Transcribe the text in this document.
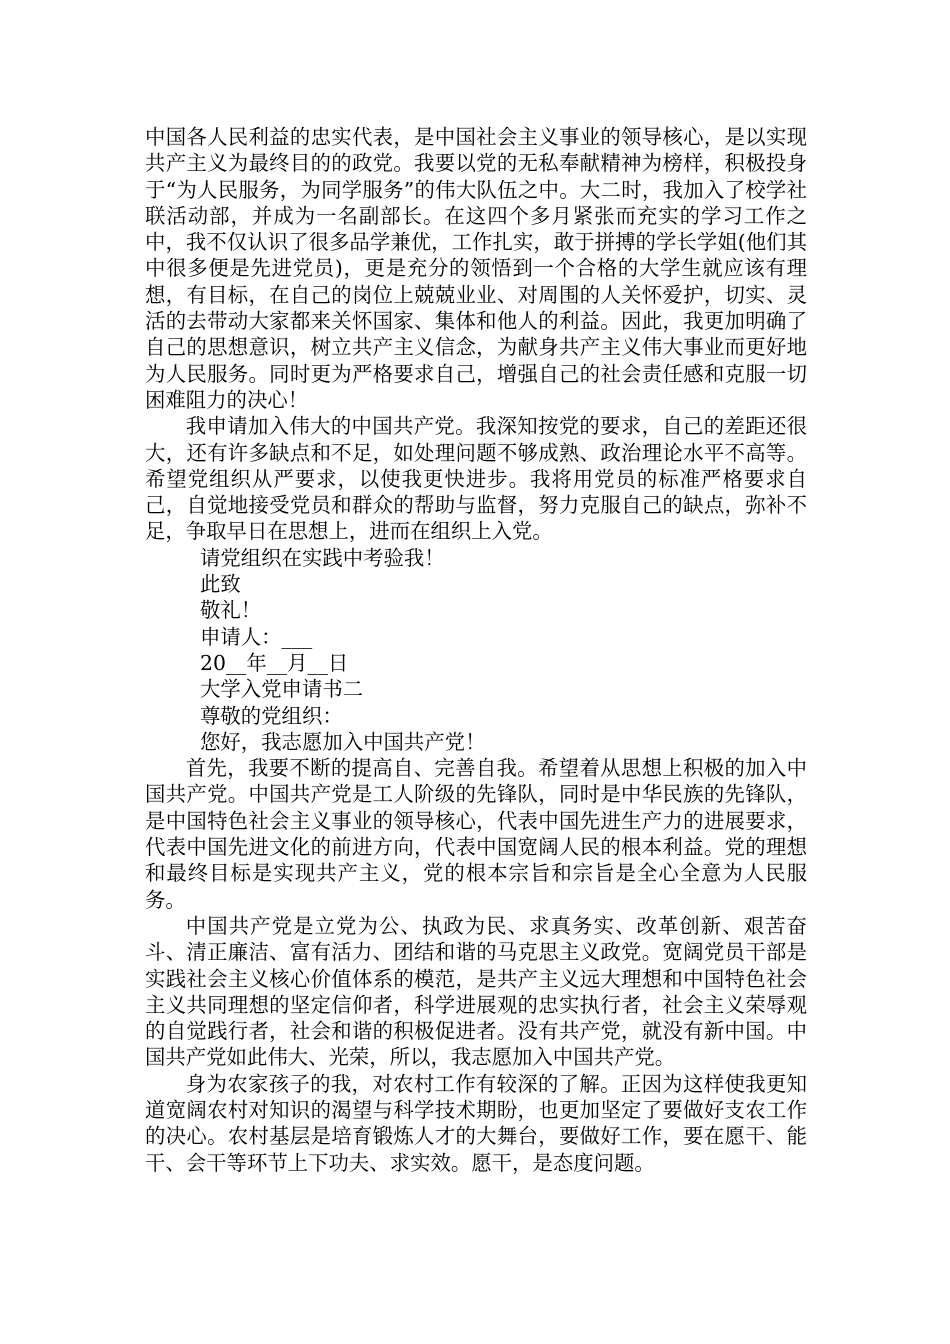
中国各人民利益的忠实代表，是中国社会主义事业的领导核心，是以实现共产主义为最终目的的政党。我要以党的无私奉献精神为榜样，积极投身于“为人民服务，为同学服务”的伟大队伍之中。大二时，我加入了校学社联活动部，并成为一名副部长。在这四个多月紧张而充实的学习工作之中，我不仅认识了很多品学兼优，工作扎实，敢于拼搏的学长学姐(他们其中很多便是先进党员)，更是充分的领悟到一个合格的大学生就应该有理想，有目标，在自己的岗位上兢兢业业、对周围的人关怀爱护，切实、灵活的去带动大家都来关怀国家、集体和他人的利益。因此，我更加明确了自己的思想意识，树立共产主义信念，为献身共产主义伟大事业而更好地为人民服务。同时更为严格要求自己，增强自己的社会责任感和克服一切困难阻力的决心！

我申请加入伟大的中国共产党。我深知按党的要求，自己的差距还很大，还有许多缺点和不足，如处理问题不够成熟、政治理论水平不高等。希望党组织从严要求，以使我更快进步。我将用党员的标准严格要求自己，自觉地接受党员和群众的帮助与监督，努力克服自己的缺点，弥补不足，争取早日在思想上，进而在组织上入党。

请党组织在实践中考验我！

此致

敬礼！

申请人：___

20__年__月__日

大学入党申请书二

尊敬的党组织：

您好，我志愿加入中国共产党！

首先，我要不断的提高自、完善自我。希望着从思想上积极的加入中国共产党。中国共产党是工人阶级的先锋队，同时是中华民族的先锋队，是中国特色社会主义事业的领导核心，代表中国先进生产力的进展要求，代表中国先进文化的前进方向，代表中国宽阔人民的根本利益。党的理想和最终目标是实现共产主义，党的根本宗旨和宗旨是全心全意为人民服务。

中国共产党是立党为公、执政为民、求真务实、改革创新、艰苦奋斗、清正廉洁、富有活力、团结和谐的马克思主义政党。宽阔党员干部是实践社会主义核心价值体系的模范，是共产主义远大理想和中国特色社会主义共同理想的坚定信仰者，科学进展观的忠实执行者，社会主义荣辱观的自觉践行者，社会和谐的积极促进者。没有共产党，就没有新中国。中国共产党如此伟大、光荣，所以，我志愿加入中国共产党。

身为农家孩子的我，对农村工作有较深的了解。正因为这样使我更知道宽阔农村对知识的渴望与科学技术期盼，也更加坚定了要做好支农工作的决心。农村基层是培育锻炼人才的大舞台，要做好工作，要在愿干、能干、会干等环节上下功夫、求实效。愿干，是态度问题。
